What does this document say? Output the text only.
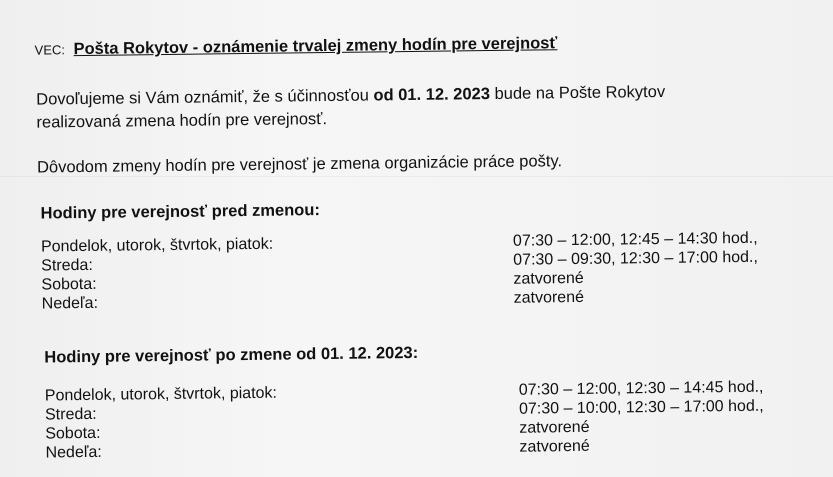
VEC: Pošta Rokytov - oznámenie trvalej zmeny hodín pre verejnosť
Dovoľujeme si Vám oznámiť, že s účinnosťou od 01. 12. 2023 bude na Pošte Rokytov
realizovaná zmena hodín pre verejnosť.
Dôvodom zmeny hodín pre verejnosť je zmena organizácie práce pošty.
Hodiny pre verejnosť pred zmenou:
Pondelok, utorok, štvrtok, piatok:	07:30 – 12:00, 12:45 – 14:30 hod.,
Streda:	07:30 – 09:30, 12:30 – 17:00 hod.,
Sobota:	zatvorené
Nedeľa:	zatvorené
Hodiny pre verejnosť po zmene od 01. 12. 2023:
Pondelok, utorok, štvrtok, piatok:	07:30 – 12:00, 12:30 – 14:45 hod.,
Streda:	07:30 – 10:00, 12:30 – 17:00 hod.,
Sobota:	zatvorené
Nedeľa:	zatvorené
